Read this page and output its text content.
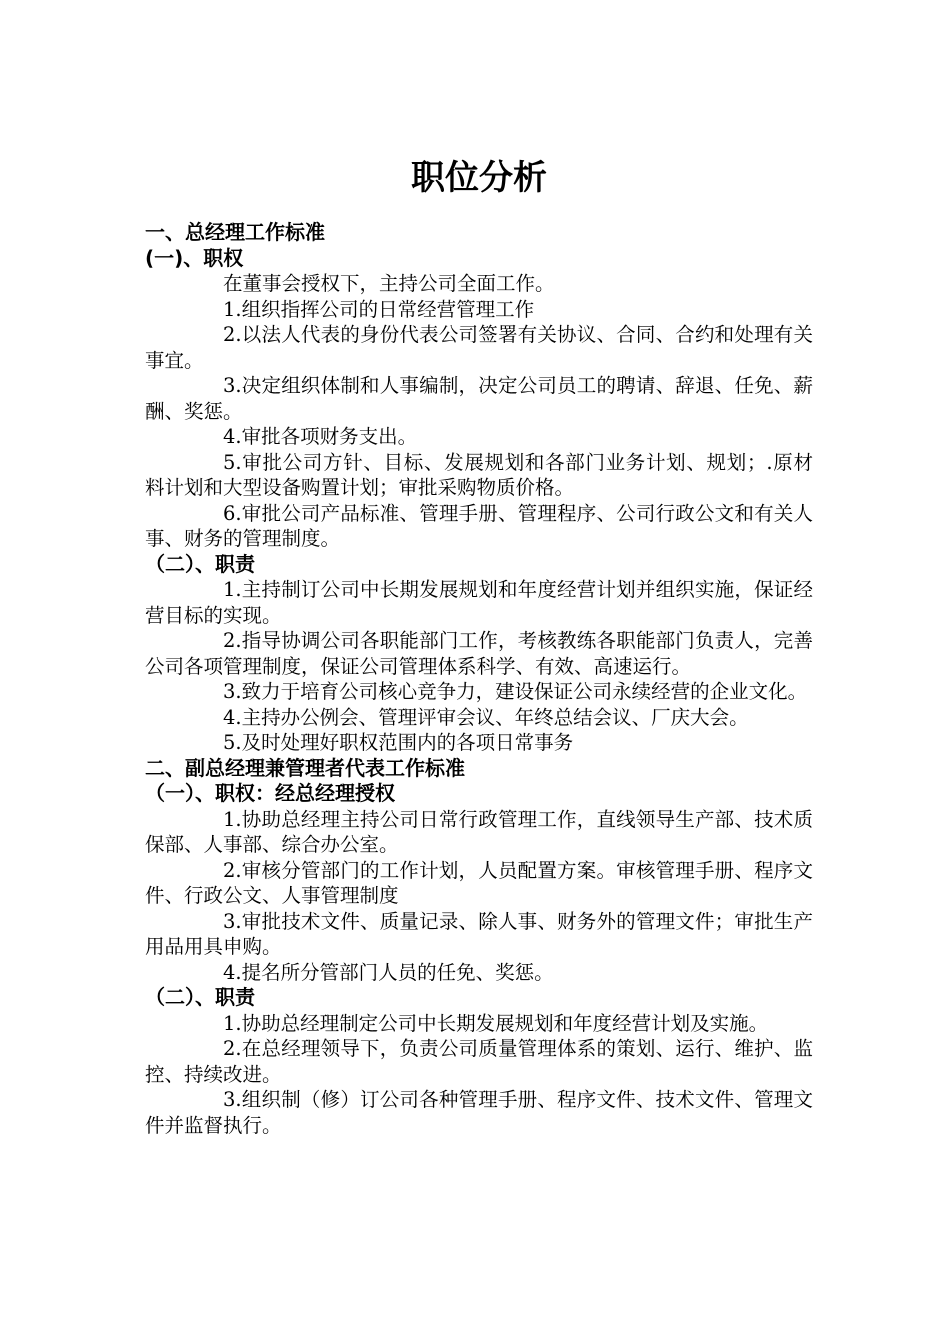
职位分析

一、总经理工作标准

(一)、职权

在董事会授权下，主持公司全面工作。

1.组织指挥公司的日常经营管理工作

2.以法人代表的身份代表公司签署有关协议、合同、合约和处理有关事宜。

3.决定组织体制和人事编制，决定公司员工的聘请、辞退、任免、薪酬、奖惩。

4.审批各项财务支出。

5.审批公司方针、目标、发展规划和各部门业务计划、规划；.原材料计划和大型设备购置计划；审批采购物质价格。

6.审批公司产品标准、管理手册、管理程序、公司行政公文和有关人事、财务的管理制度。

（二）、职责

1.主持制订公司中长期发展规划和年度经营计划并组织实施，保证经营目标的实现。

2.指导协调公司各职能部门工作，考核教练各职能部门负责人，完善公司各项管理制度，保证公司管理体系科学、有效、高速运行。

3.致力于培育公司核心竞争力，建设保证公司永续经营的企业文化。

4.主持办公例会、管理评审会议、年终总结会议、厂庆大会。

5.及时处理好职权范围内的各项日常事务

二、副总经理兼管理者代表工作标准

（一）、职权：经总经理授权

1.协助总经理主持公司日常行政管理工作，直线领导生产部、技术质保部、人事部、综合办公室。

2.审核分管部门的工作计划，人员配置方案。审核管理手册、程序文件、行政公文、人事管理制度

3.审批技术文件、质量记录、除人事、财务外的管理文件；审批生产用品用具申购。

4.提名所分管部门人员的任免、奖惩。

（二）、职责

1.协助总经理制定公司中长期发展规划和年度经营计划及实施。

2.在总经理领导下，负责公司质量管理体系的策划、运行、维护、监控、持续改进。

3.组织制（修）订公司各种管理手册、程序文件、技术文件、管理文件并监督执行。
